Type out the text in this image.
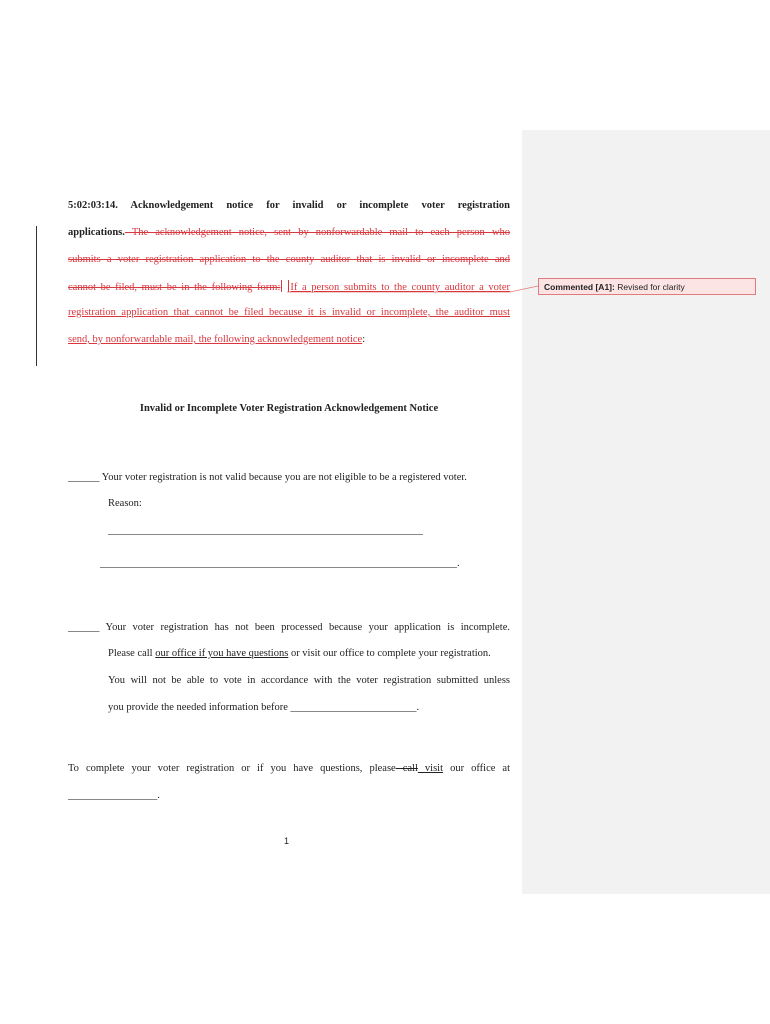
Commented [A1]: Revised for clarity
5:02:03:14. Acknowledgement notice for invalid or incomplete voter registration
applications. The acknowledgement notice, sent by nonforwardable mail to each person who
submits a voter registration application to the county auditor that is invalid or incomplete and
cannot be filed, must be in the following form: If a person submits to the county auditor a voter
registration application that cannot be filed because it is invalid or incomplete, the auditor must
send, by nonforwardable mail, the following acknowledgement notice:
Invalid or Incomplete Voter Registration Acknowledgement Notice
______ Your voter registration is not valid because you are not eligible to be a registered voter.
Reason:
____________________________________________________________
____________________________________________________________________.
______ Your voter registration has not been processed because your application is incomplete.
Please call our office if you have questions or visit our office to complete your registration.
You will not be able to vote in accordance with the voter registration submitted unless
you provide the needed information before ________________________.
To complete your voter registration or if you have questions, please call visit our office at
_________________.
1
